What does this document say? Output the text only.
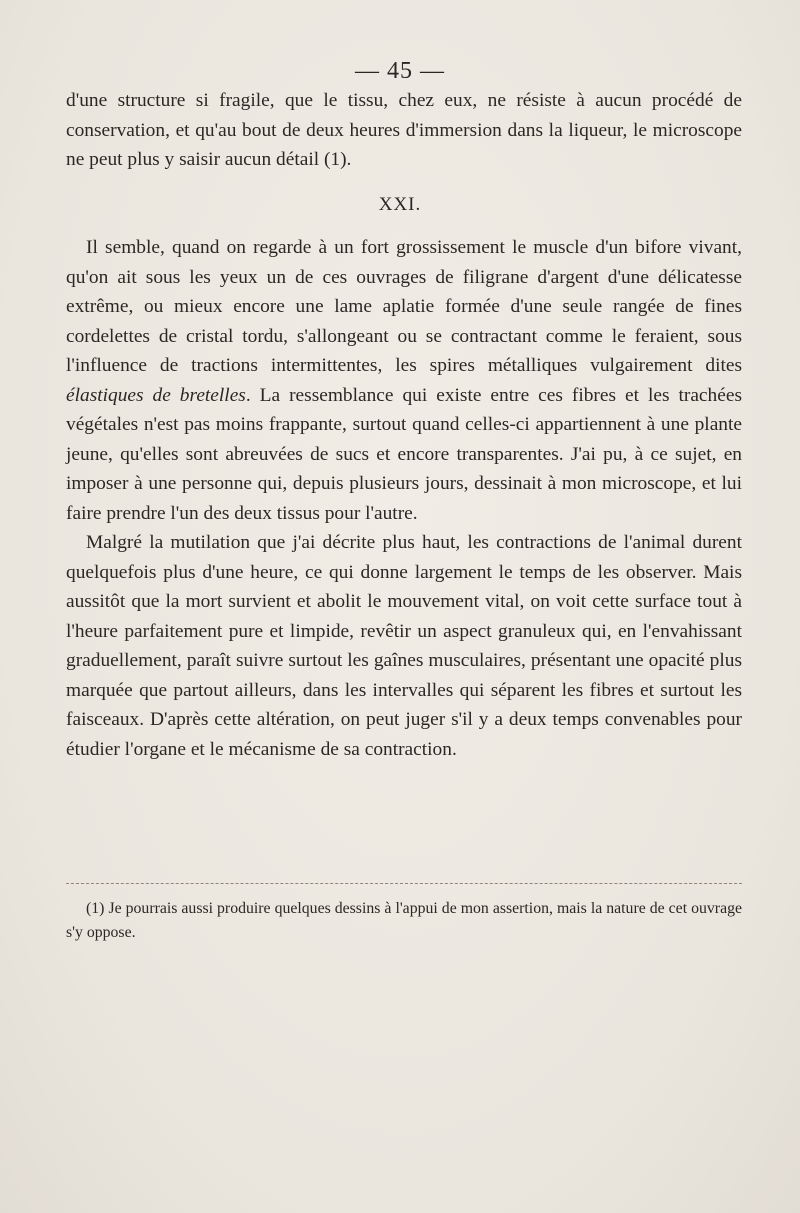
— 45 —
d'une structure si fragile, que le tissu, chez eux, ne résiste à aucun procédé de conservation, et qu'au bout de deux heures d'immersion dans la liqueur, le microscope ne peut plus y saisir aucun détail (1).
XXI.

Il semble, quand on regarde à un fort grossissement le muscle d'un bifore vivant, qu'on ait sous les yeux un de ces ouvrages de filigrane d'argent d'une délicatesse extrême, ou mieux encore une lame aplatie formée d'une seule rangée de fines cordelettes de cristal tordu, s'allongeant ou se contractant comme le feraient, sous l'influence de tractions intermittentes, les spires métalliques vulgairement dites élastiques de bretelles. La ressemblance qui existe entre ces fibres et les trachées végétales n'est pas moins frappante, surtout quand celles-ci appartiennent à une plante jeune, qu'elles sont abreuvées de sucs et encore transparentes. J'ai pu, à ce sujet, en imposer à une personne qui, depuis plusieurs jours, dessinait à mon microscope, et lui faire prendre l'un des deux tissus pour l'autre.

Malgré la mutilation que j'ai décrite plus haut, les contractions de l'animal durent quelquefois plus d'une heure, ce qui donne largement le temps de les observer. Mais aussitôt que la mort survient et abolit le mouvement vital, on voit cette surface tout à l'heure parfaitement pure et limpide, revêtir un aspect granuleux qui, en l'envahissant graduellement, paraît suivre surtout les gaînes musculaires, présentant une opacité plus marquée que partout ailleurs, dans les intervalles qui séparent les fibres et surtout les faisceaux. D'après cette altération, on peut juger s'il y a deux temps convenables pour étudier l'organe et le mécanisme de sa contraction.

(1) Je pourrais aussi produire quelques dessins à l'appui de mon assertion, mais la nature de cet ouvrage s'y oppose.
